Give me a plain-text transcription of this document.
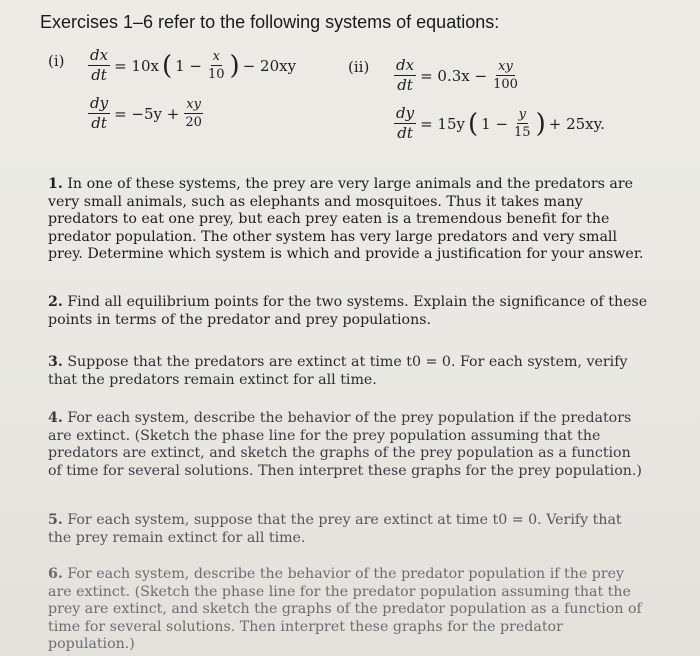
Exercises 1–6 refer to the following systems of equations:
$(i) \frac{dx}{dt} = 10x$ ( $1 - \frac{x}{10}$ ) − 20xy
$\frac{dy}{dt} = -5y + \frac{xy}{20}$
$(ii) \frac{dx}{dt} = 0.3x - \frac{xy}{100}$
$\frac{dy}{dt} = 15y$ ( $1 - \frac{y}{15}$ ) + 25xy.
1. In one of these systems, the prey are very large animals and the predators are very small animals, such as elephants and mosquitoes. Thus it takes many predators to eat one prey, but each prey eaten is a tremendous benefit for the predator population. The other system has very large predators and very small prey. Determine which system is which and provide a justification for your answer.
2. Find all equilibrium points for the two systems. Explain the significance of these points in terms of the predator and prey populations.
3. Suppose that the predators are extinct at time t0 = 0. For each system, verify that the predators remain extinct for all time.
4. For each system, describe the behavior of the prey population if the predators are extinct. (Sketch the phase line for the prey population assuming that the predators are extinct, and sketch the graphs of the prey population as a function of time for several solutions. Then interpret these graphs for the prey population.)
5. For each system, suppose that the prey are extinct at time t0 = 0. Verify that the prey remain extinct for all time.
6. For each system, describe the behavior of the predator population if the prey are extinct. (Sketch the phase line for the predator population assuming that the prey are extinct, and sketch the graphs of the predator population as a function of time for several solutions. Then interpret these graphs for the predator population.)
